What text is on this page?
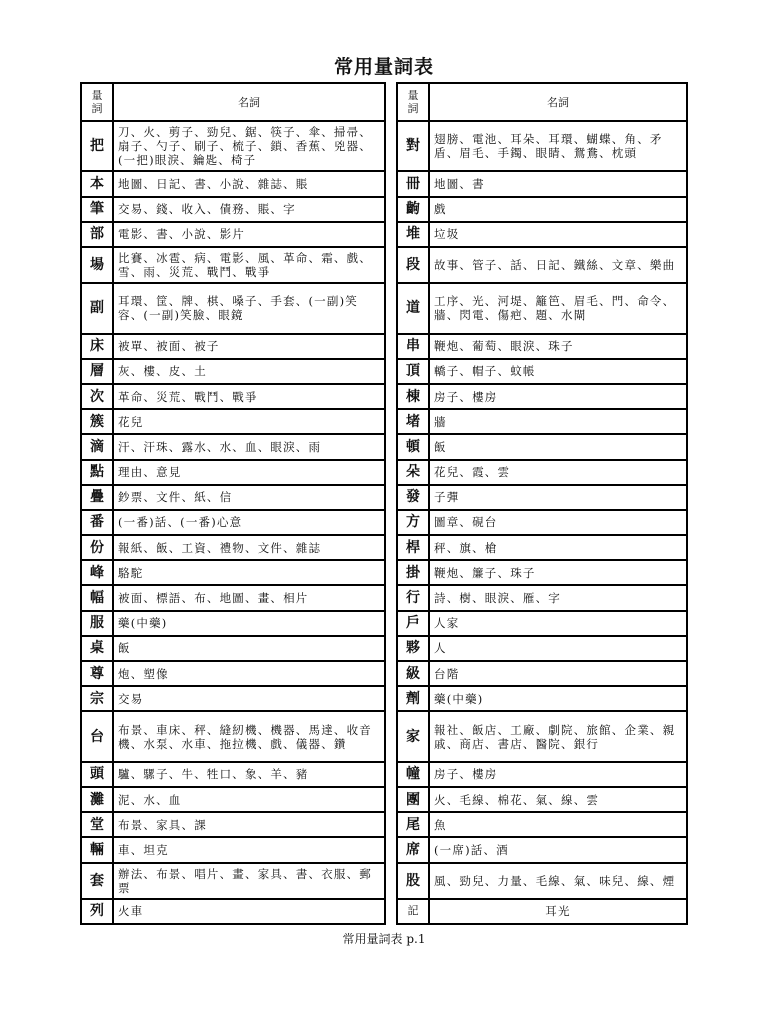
常用量詞表
量
詞	名詞
把	刀、火、剪子、勁兒、鋸、筷子、傘、掃帚、扇子、勺子、刷子、梳子、鎖、香蕉、兇器、(一把)眼淚、鑰匙、椅子
本	地圖、日記、書、小說、雜誌、賬
筆	交易、錢、收入、債務、賬、字
部	電影、書、小說、影片
場	比賽、冰雹、病、電影、風、革命、霜、戲、雪、雨、災荒、戰鬥、戰爭
副	耳環、筐、牌、棋、嗓子、手套、(一副)笑容、(一副)笑臉、眼鏡
床	被單、被面、被子
層	灰、樓、皮、土
次	革命、災荒、戰鬥、戰爭
簇	花兒
滴	汗、汗珠、露水、水、血、眼淚、雨
點	理由、意見
疊	鈔票、文件、紙、信
番	(一番)話、(一番)心意
份	報紙、飯、工資、禮物、文件、雜誌
峰	駱駝
幅	被面、標語、布、地圖、畫、相片
服	藥(中藥)
桌	飯
尊	炮、塑像
宗	交易
台	布景、車床、秤、縫紉機、機器、馬達、收音機、水泵、水車、拖拉機、戲、儀器、鑽
頭	驢、騾子、牛、牲口、象、羊、豬
灘	泥、水、血
堂	布景、家具、課
輛	車、坦克
套	辦法、布景、唱片、畫、家具、書、衣服、郵票
列	火車
量
詞	名詞
對	翅膀、電池、耳朵、耳環、蝴蝶、角、矛盾、眉毛、手鐲、眼睛、鴛鴦、枕頭
冊	地圖、書
齣	戲
堆	垃圾
段	故事、管子、話、日記、鐵絲、文章、樂曲
道	工序、光、河堤、籬笆、眉毛、門、命令、牆、閃電、傷疤、題、水閘
串	鞭炮、葡萄、眼淚、珠子
頂	轎子、帽子、蚊帳
棟	房子、樓房
堵	牆
頓	飯
朵	花兒、霞、雲
發	子彈
方	圖章、硯台
桿	秤、旗、槍
掛	鞭炮、簾子、珠子
行	詩、樹、眼淚、雁、字
戶	人家
夥	人
級	台階
劑	藥(中藥)
家	報社、飯店、工廠、劇院、旅館、企業、親戚、商店、書店、醫院、銀行
幢	房子、樓房
團	火、毛線、棉花、氣、線、雲
尾	魚
席	(一席)話、酒
股	風、勁兒、力量、毛線、氣、味兒、線、煙
記	耳光
常用量詞表 p.1
